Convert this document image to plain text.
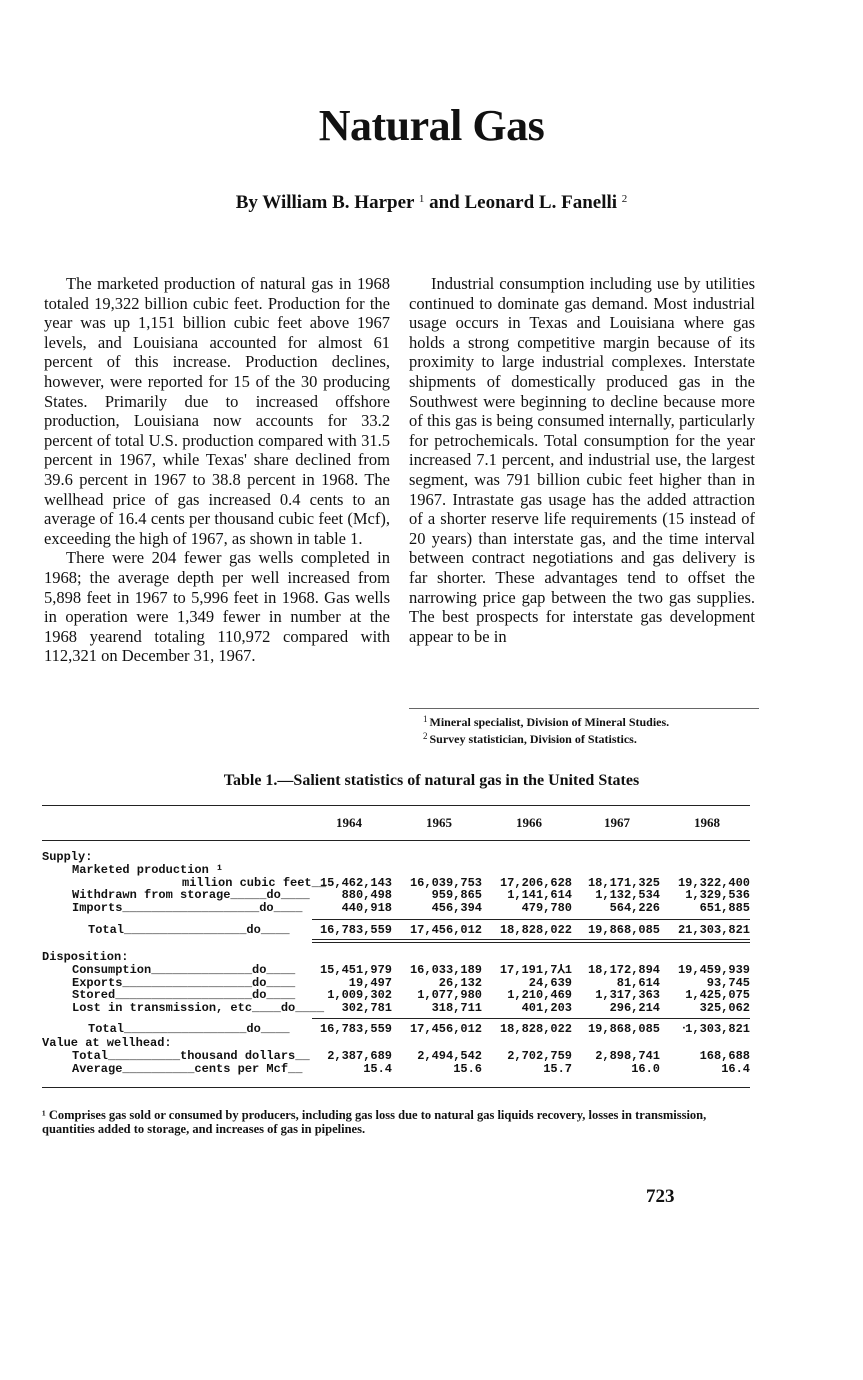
Natural Gas
By William B. Harper $^1$ and Leonard L. Fanelli $^2$

The marketed production of natural gas in 1968 totaled 19,322 billion cubic feet. Production for the year was up 1,151 billion cubic feet above 1967 levels, and Louisiana accounted for almost 61 percent of this increase. Production declines, however, were reported for 15 of the 30 producing States. Primarily due to increased offshore production, Louisiana now accounts for 33.2 percent of total U.S. production compared with 31.5 percent in 1967, while Texas' share declined from 39.6 percent in 1967 to 38.8 percent in 1968. The wellhead price of gas increased 0.4 cents to an average of 16.4 cents per thousand cubic feet (Mcf), exceeding the high of 1967, as shown in table 1.

There were 204 fewer gas wells completed in 1968; the average depth per well increased from 5,898 feet in 1967 to 5,996 feet in 1968. Gas wells in operation were 1,349 fewer in number at the 1968 yearend totaling 110,972 compared with 112,321 on December 31, 1967.

Industrial consumption including use by utilities continued to dominate gas demand. Most industrial usage occurs in Texas and Louisiana where gas holds a strong competitive margin because of its proximity to large industrial complexes. Interstate shipments of domestically produced gas in the Southwest were beginning to decline because more of this gas is being consumed internally, particularly for petrochemicals. Total consumption for the year increased 7.1 percent, and industrial use, the largest segment, was 791 billion cubic feet higher than in 1967. Intrastate gas usage has the added attraction of a shorter reserve life requirements (15 instead of 20 years) than interstate gas, and the time interval between contract negotiations and gas delivery is far shorter. These advantages tend to offset the narrowing price gap between the two gas supplies. The best prospects for interstate gas development appear to be in

$^1$ Mineral specialist, Division of Mineral Studies.
$^2$ Survey statistician, Division of Statistics.
Table 1.—Salient statistics of natural gas in the United States
1964	1965	1966	1967	1968
Supply:
Marketed production ¹
million cubic feet__
15,462,143	16,039,753	17,206,628	18,171,325	19,322,400
Withdrawn from storage_____do____	880,498	959,865	1,141,614	1,132,534	1,329,536
Imports___________________do____	440,918	456,394	479,780	564,226	651,885
Total_________________do____	16,783,559	17,456,012	18,828,022	19,868,085	21,303,821
Disposition:
Consumption______________do____	15,451,979	16,033,189	17,191,7⅄1	18,172,894	19,459,939
Exports__________________do____	19,497	26,132	24,639	81,614	93,745
Stored___________________do____	1,009,302	1,077,980	1,210,469	1,317,363	1,425,075
Lost in transmission, etc____do____	302,781	318,711	401,203	296,214	325,062
Total_________________do____	16,783,559	17,456,012	18,828,022	19,868,085	ᐧ1,303,821
Value at wellhead:
Total__________thousand dollars__	2,387,689	2,494,542	2,702,759	2,898,741	168,688
Average__________cents per Mcf__	15.4	15.6	15.7	16.0	16.4
¹ Comprises gas sold or consumed by producers, including gas loss due to natural gas liquids recovery, losses in transmission, quantities added to storage, and increases of gas in pipelines.
723
